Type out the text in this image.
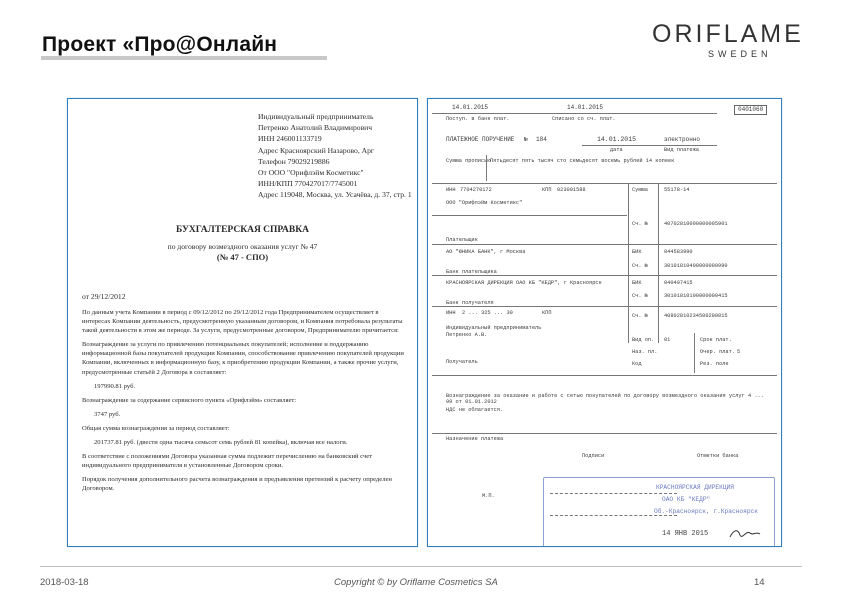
Проект «Про@Онлайн	ORIFLAME
SWEDEN
Индивидуальный предприниматель
Петренко Анатолий Владимирович
ИНН 246001133719
Адрес Красноярский Назарово, Арг
Телефон 79029219886
От ООО "Орифлэйм Косметикс"
ИНН/КПП 770427017/7745001
Адрес 119048, Москва, ул. Усачёва, д. 37, стр. 1
БУХГАЛТЕРСКАЯ СПРАВКА
по договору возмездного оказания услуг № 47
(№ 47 - СПО)
от 29/12/2012

По данным учета Компании в период с 09/12/2012 по 29/12/2012 года Предпринимателем осуществляет в интересах Компании деятельность, предусмотренную указанным договором, и Компания потребовала результаты такой деятельности в этом же периоде. За услуги, предусмотренные договором, Предпринимателю причитается:

Вознаграждение за услуги по привлечению потенциальных покупателей; исполнение и поддержанию информационной базы покупателей продукции Компании, способствование привлечению покупателей продукции Компании, включенных в информационную базу, к приобретению продукции Компании, а также прочие услуги, предусмотренные статьёй 2 Договора в составляет:

197990.81 руб.

Вознаграждение за содержание сервисного пункта «Орифлэйм» составляет:

3747 руб.

Общая сумма вознаграждения за период составляет:

201737.81 руб. (двести одна тысяча семьсот семь рублей 81 копейка), включая все налоги.

В соответствие с положениями Договора указанная сумма подлежит перечислению на банковский счет индивидуального предпринимателя в установленные Договором сроки.

Порядок получения дополнительного расчета вознаграждения и предъявления претензий к расчету определен Договором.

14.01.2015	14.01.2015	0401060
Поступ. в банк плат.	Списано со сч. плат.
ПЛАТЕЖНОЕ ПОРУЧЕНИЕ № 184	14.01.2015	электронно
дата	Вид платежа
Сумма прописью Пятьдесят пять тысяч сто семьдесят восемь рублей 14 копеек
ИНН 7704270172	КПП 023001588	Сумма	55178-14
ООО "Орифлэйм Косметикс"
Сч. №	40702810000000005901
Плательщик
АО "ЮНИКА БАНК", г Москва	БИК	044583990
Сч. №	30101810400000000990
Банк плательщика
КРАСНОЯРСКАЯ ДИРЕКЦИЯ ОАО КБ "КЕДР", г Красноярск	БИК	040407415
Сч. №	30101810100000000415
Банк получателя
ИНН 2 ... 325 ... 30	КПП	Сч. №	40802810234500200015
Индивидуальный предприниматель
Петренко А.В.
Вид оп. 01	Срок плат.
Наз. пл.	Очер. плат. 5
Получатель	Код	Рез. поле
Вознаграждение за оказание и работе с сетью покупателей по договору возмездного оказания услуг 4 ... 99 от 01.01.2012
НДС не облагается.
Назначение платежа
Подписи	Отметки банка
М.П.
КРАСНОЯРСКАЯ ДИРЕКЦИЯ
ОАО КБ "КЕДР"
Об.-Красноярск, г.Красноярск
14 ЯНВ 2015
2018-03-18	Copyright © by Oriflame Cosmetics SA	14
